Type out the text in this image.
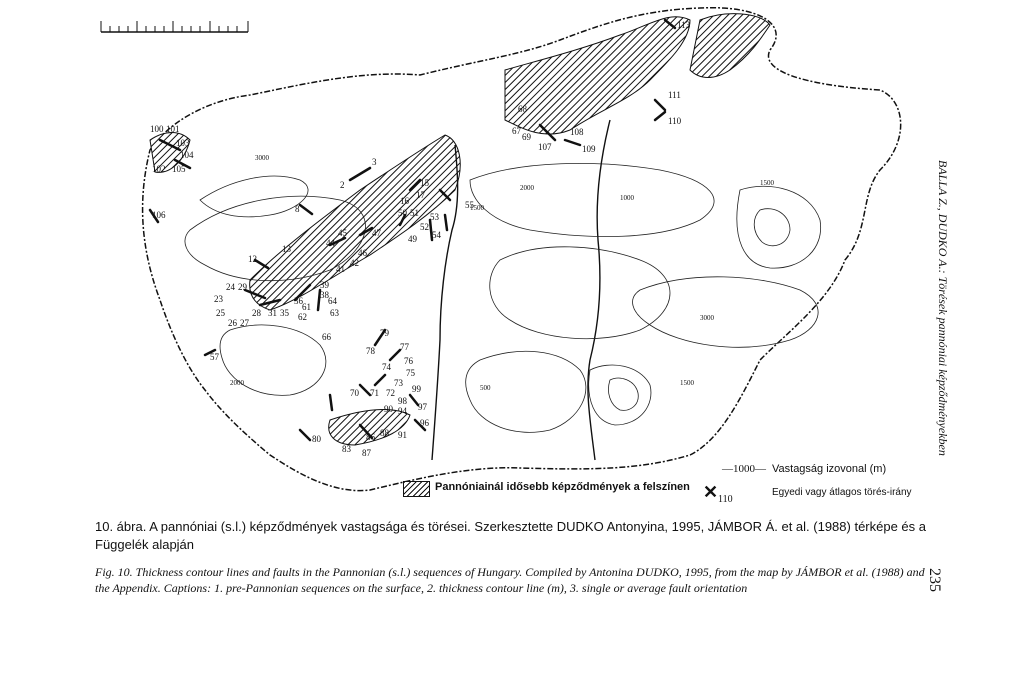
3000
2000
1500
500
3000
1500
1500
2000
1000
113
111
110
108
109
107
69
67
68
100 101
103
104
102 105
106
2
3
8
12
13
16
17
15
55
50 51 53
52
54
45
44
47
49
46
42
41
39
38
64
63
29
24
23
25
26 27
28 31 35
36
61
62
66
57
79
78	77
76
74
75
73
72
71
70	99
98
94 97
96
90
91
86 88
87
83
80
—1000— Vastagság izovonal (m)
Pannóniainál idősebb képződmények a felszínen ✕ 110
Egyedi vagy átlagos törés-irány
10. ábra. A pannóniai (s.l.) képződmények vastagsága és törései. Szerkesztette DUDKO Antonyina, 1995, JÁMBOR Á. et al. (1988) térképe és a Függelék alapján
Fig. 10. Thickness contour lines and faults in the Pannonian (s.l.) sequences of Hungary. Compiled by Antonina DUDKO, 1995, from the map by JÁMBOR et al. (1988) and the Appendix. Captions: 1. pre-Pannonian sequences on the surface, 2. thickness contour line (m), 3. single or average fault orientation
BALLA Z., DUDKO A.: Törések pannóniai képződményekben
235
